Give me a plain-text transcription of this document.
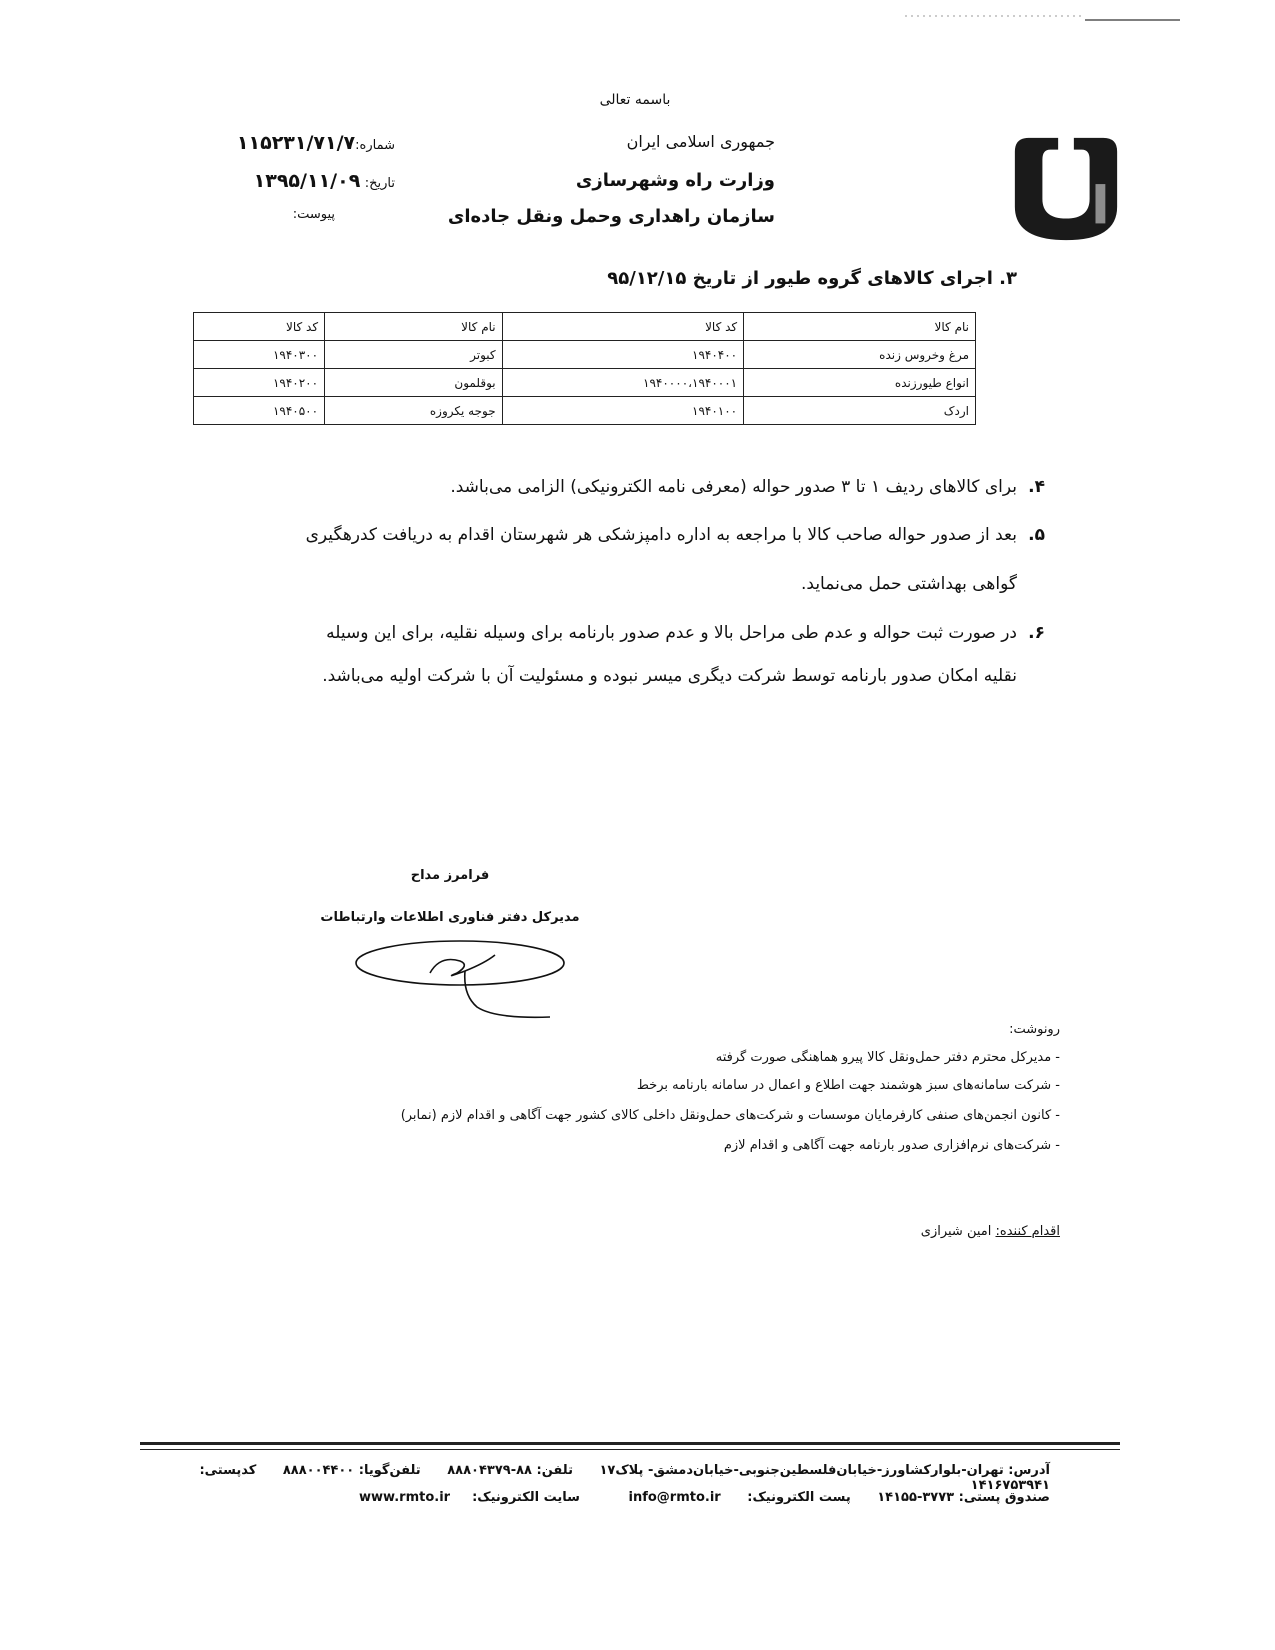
باسمه تعالی
جمهوری اسلامی ایران
وزارت راه وشهرسازی
سازمان راهداری وحمل ونقل جاده‌ای
شماره:۱۱۵۲۳۱/۷۱/۷
تاریخ: ۱۳۹۵/۱۱/۰۹
پیوست:
۳. اجرای کالاهای گروه طیور از تاریخ ۹۵/۱۲/۱۵
نام کالا	کد کالا	نام کالا	کد کالا
مرغ وخروس زنده	۱۹۴۰۴۰۰	کبوتر	۱۹۴۰۳۰۰
انواع طیورزنده	۱۹۴۰۰۰۰،۱۹۴۰۰۰۱	بوقلمون	۱۹۴۰۲۰۰
اردک	۱۹۴۰۱۰۰	جوجه یکروزه	۱۹۴۰۵۰۰
۴.
برای کالاهای ردیف ۱ تا ۳ صدور حواله (معرفی نامه الکترونیکی) الزامی می‌باشد.
۵.
بعد از صدور حواله صاحب کالا با مراجعه به اداره دامپزشکی هر شهرستان اقدام به دریافت کدرهگیری
گواهی بهداشتی حمل می‌نماید.
۶.
در صورت ثبت حواله و عدم طی مراحل بالا و عدم صدور بارنامه برای وسیله نقلیه، برای این وسیله
نقلیه امکان صدور بارنامه توسط شرکت دیگری میسر نبوده و مسئولیت آن با شرکت اولیه می‌باشد.
فرامرز مداح
مدیرکل دفتر فناوری اطلاعات وارتباطات
رونوشت:
- مدیرکل محترم دفتر حمل‌ونقل کالا پیرو هماهنگی صورت گرفته
- شرکت سامانه‌های سبز هوشمند جهت اطلاع و اعمال در سامانه بارنامه برخط
- کانون انجمن‌های صنفی کارفرمایان موسسات و شرکت‌های حمل‌ونقل داخلی کالای کشور جهت آگاهی و اقدام لازم (نمابر)
- شرکت‌های نرم‌افزاری صدور بارنامه جهت آگاهی و اقدام لازم
اقدام کننده: امین شیرازی
آدرس: تهران-بلوارکشاورز-خیابان‌فلسطین‌جنوبی-خیابان‌دمشق- پلاک۱۷ تلفن: ۸۸-۸۸۸۰۴۳۷۹ تلفن‌گویا: ۸۸۸۰۰۴۴۰۰ کدپستی: ۱۴۱۶۷۵۳۹۴۱
صندوق پستی: ۳۷۷۳-۱۴۱۵۵ پست الکترونیک: info@rmto.ir سایت الکترونیک:www.rmto.ir
